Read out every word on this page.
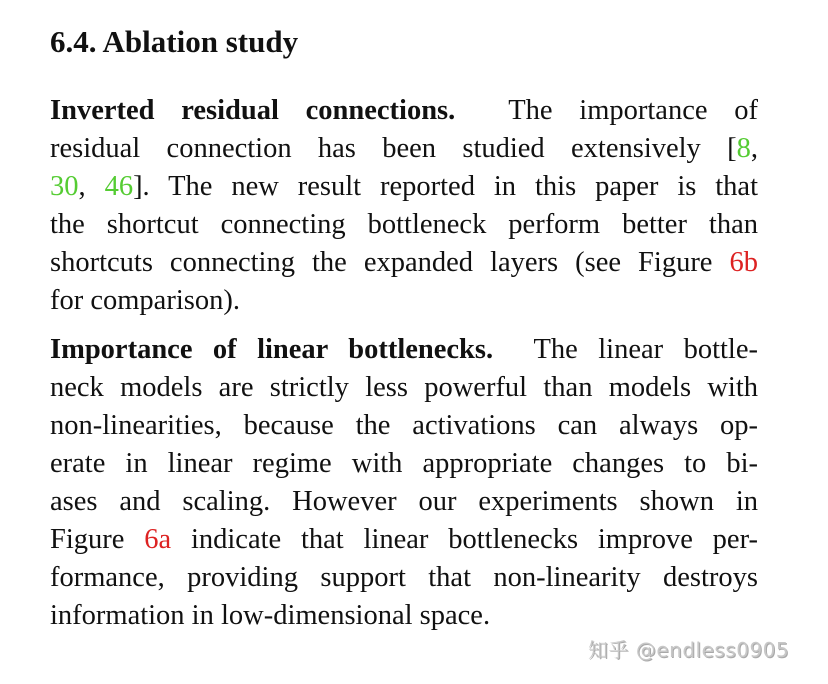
6.4. Ablation study
Inverted residual connections. The importance of
residual connection has been studied extensively [8,
30, 46]. The new result reported in this paper is that
the shortcut connecting bottleneck perform better than
shortcuts connecting the expanded layers (see Figure 6b
for comparison).
Importance of linear bottlenecks. The linear bottle-
neck models are strictly less powerful than models with
non-linearities, because the activations can always op-
erate in linear regime with appropriate changes to bi-
ases and scaling. However our experiments shown in
Figure 6a indicate that linear bottlenecks improve per-
formance, providing support that non-linearity destroys
information in low-dimensional space.
知乎 @endless0905
